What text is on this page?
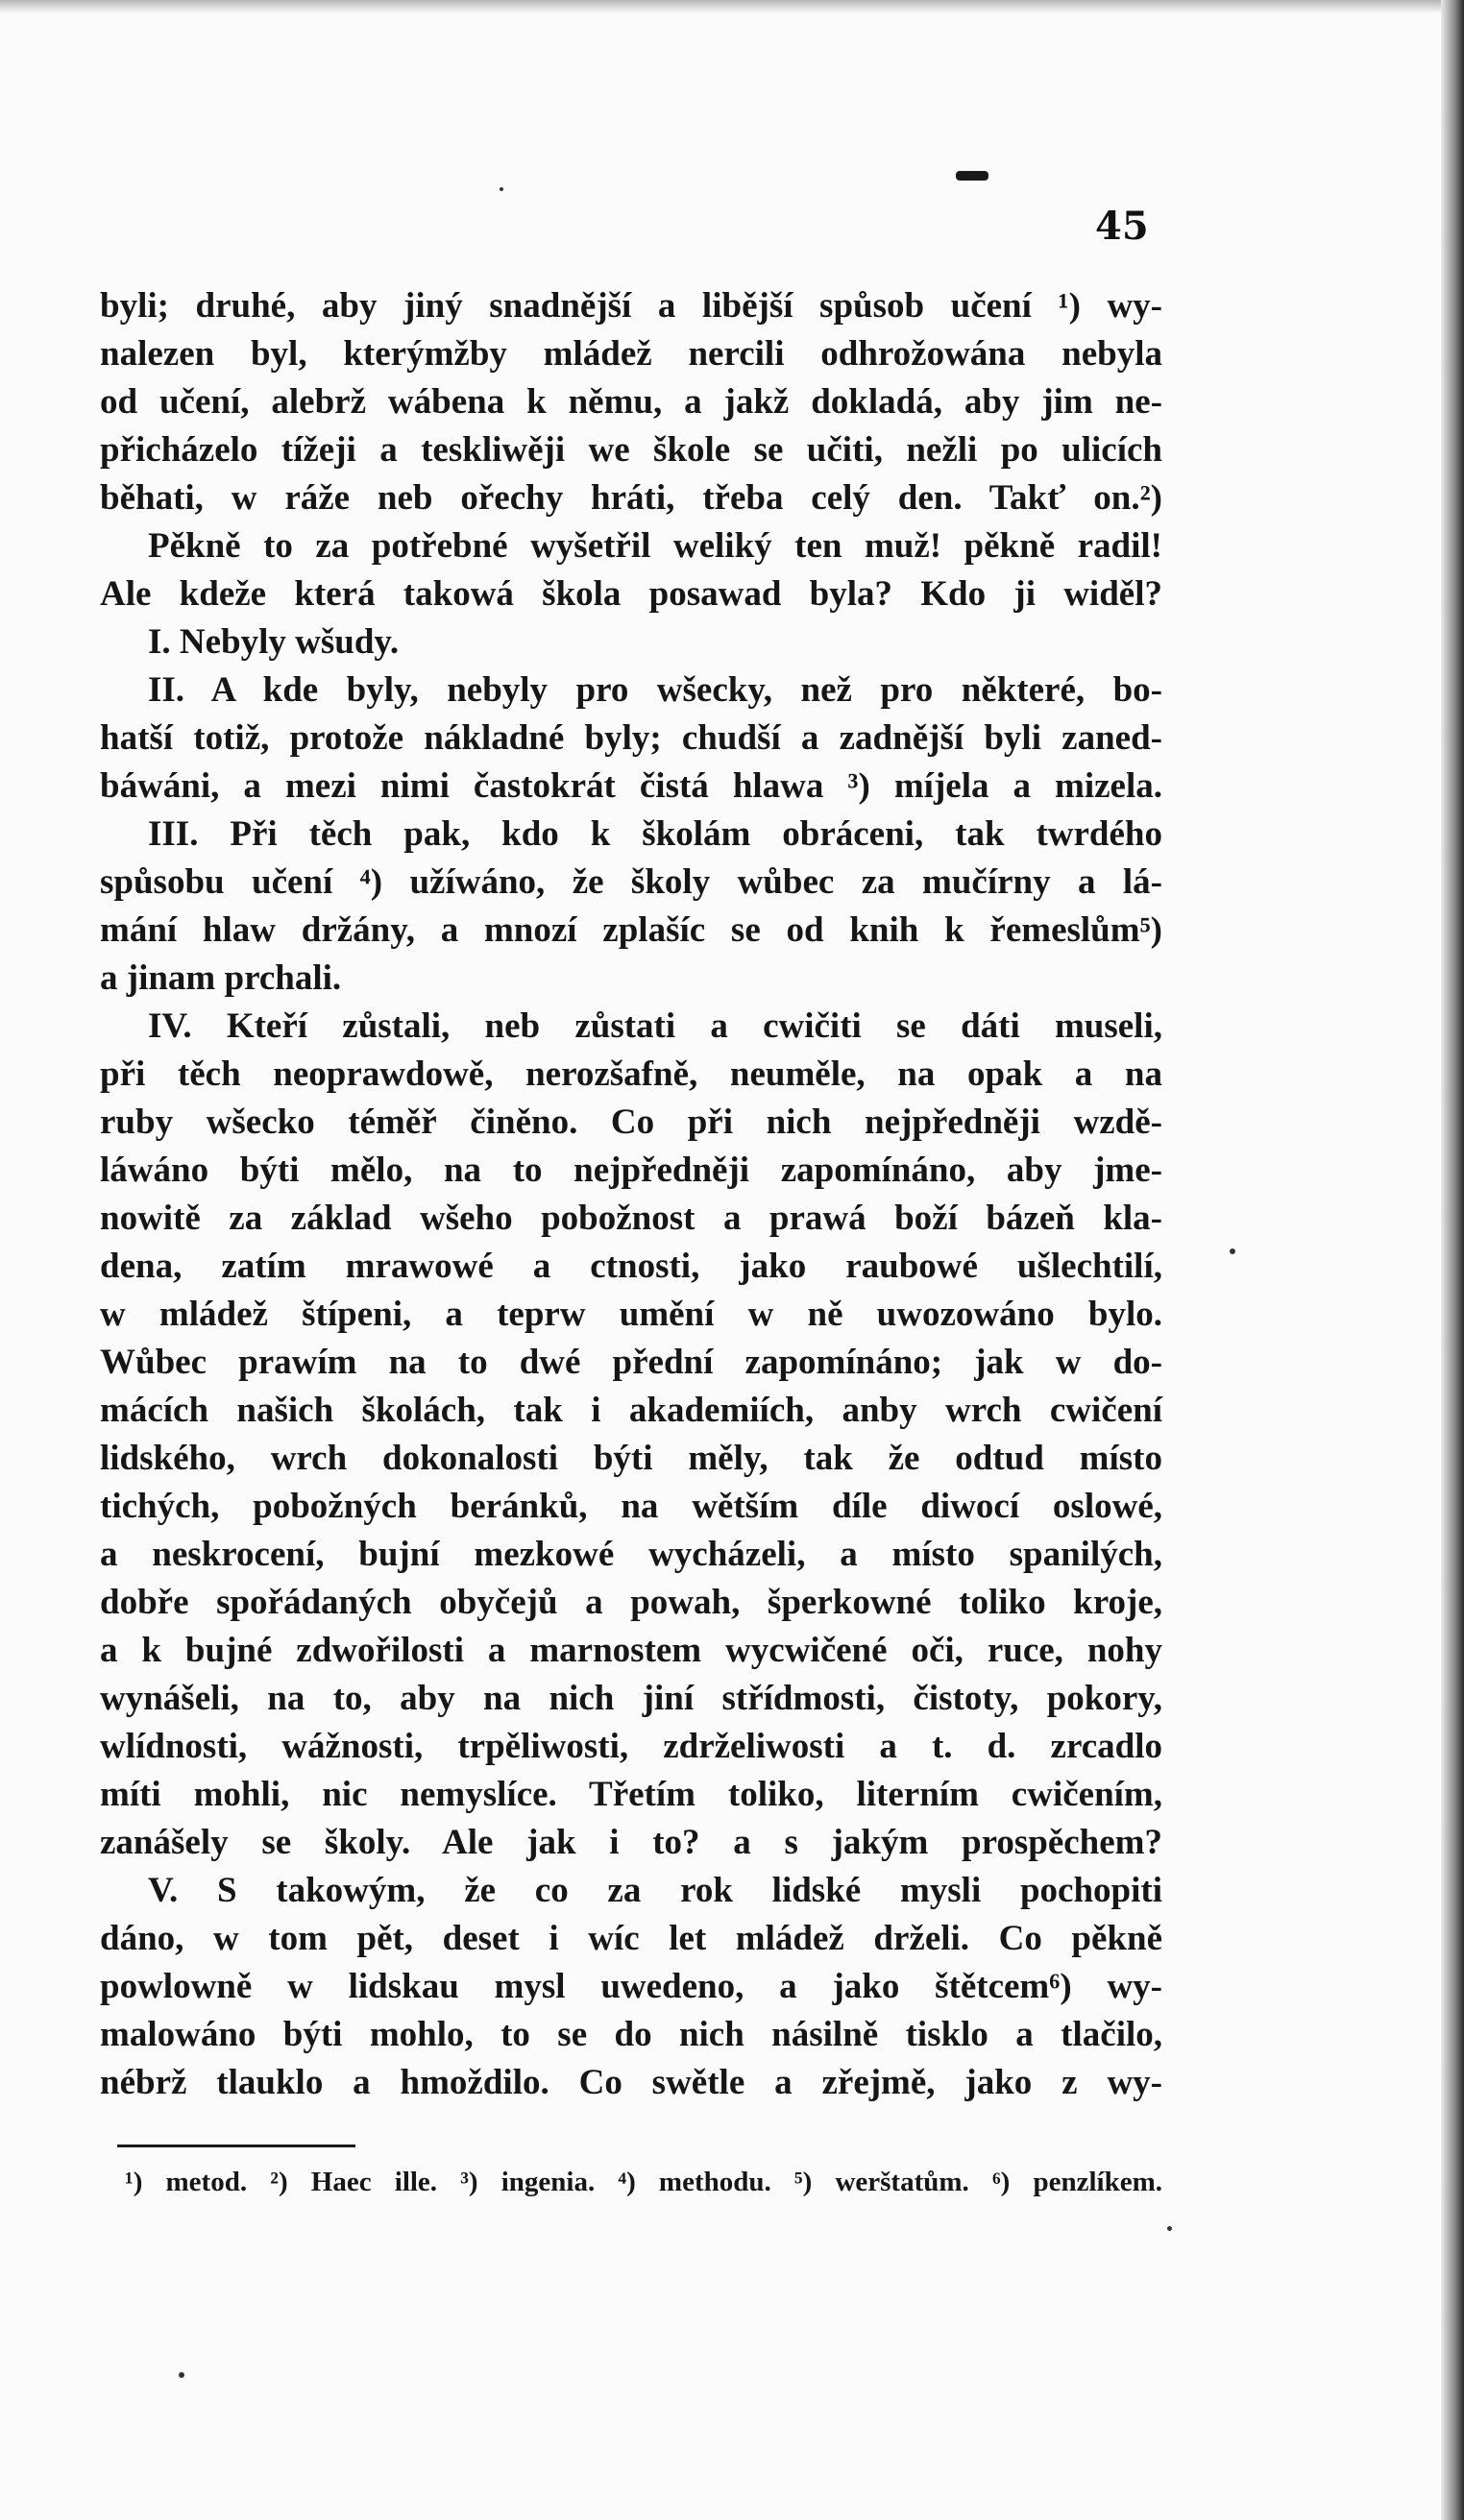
45
byli; druhé, aby jiný snadnější a libější spůsob učení ¹) wy-
nalezen byl, kterýmžby mládež nercili odhrožowána nebyla
od učení, alebrž wábena k němu, a jakž dokladá, aby jim ne-
přicházelo tížeji a teskliwěji we škole se učiti, nežli po ulicích
běhati, w ráže neb ořechy hráti, třeba celý den. Takť on.²)
Pěkně to za potřebné wyšetřil weliký ten muž! pěkně radil!
Ale kdežе která takowá škola posawad byla? Kdo ji widěl?
I. Nebyly wšudy.
II. A kde byly, nebyly pro wšecky, než pro některé, bo-
hatší totiž, protože nákladné byly; chudší a zadnější byli zaned-
báwáni, a mezi nimi častokrát čistá hlawa ³) míjela a mizela.
III. Při těch pak, kdo k školám obráceni, tak twrdého
spůsobu učení ⁴) užíwáno, že školy wůbec za mučírny a lá-
mání hlaw držány, a mnozí zplašíc se od knih k řemeslům⁵)
a jinam prchali.
IV. Kteří zůstali, neb zůstati a cwičiti se dáti museli,
při těch neoprawdowě, nerozšafně, neuměle, na opak a na
ruby wšecko téměř činěno. Co při nich nejpředněji wzdě-
láwáno býti mělo, na to nejpředněji zapomínáno, aby jme-
nowitě za základ wšeho pobožnost a prawá boží bázeň kla-
dena, zatím mrawowé a ctnosti, jako raubowé ušlechtilí,
w mládež štípeni, a teprw umění w ně uwozowáno bylo.
Wůbec prawím na to dwé přední zapomínáno; jak w do-
mácích našich školách, tak i akademiích, anby wrch cwičení
lidského, wrch dokonalosti býti měly, tak že odtud místo
tichých, pobožných beránků, na wětším díle diwocí oslowé,
a neskrocení, bujní mezkowé wycházeli, a místo spanilých,
dobře spořádaných obyčejů a powah, šperkowné toliko kroje,
a k bujné zdwořilosti a marnostem wycwičené oči, ruce, nohy
wynášeli, na to, aby na nich jiní střídmosti, čistoty, pokory,
wlídnosti, wážnosti, trpěliwosti, zdrželiwosti a t. d. zrcadlo
míti mohli, nic nemyslíce. Třetím toliko, literním cwičením,
zanášely se školy. Ale jak i to? a s jakým prospěchem?
V. S takowým, že co za rok lidské mysli pochopiti
dáno, w tom pět, deset i wíc let mládež drželi. Co pěkně
powlowně w lidskau mysl uwedeno, a jako štětcem⁶) wy-
malowáno býti mohlo, to se do nich násilně tisklo a tlačilo,
nébrž tlauklo a hmoždilo. Co swětle a zřejmě, jako z wy-
¹) metod. ²) Haec ille. ³) ingenia. ⁴) methodu. ⁵) werštatům. ⁶) penzlíkem.
